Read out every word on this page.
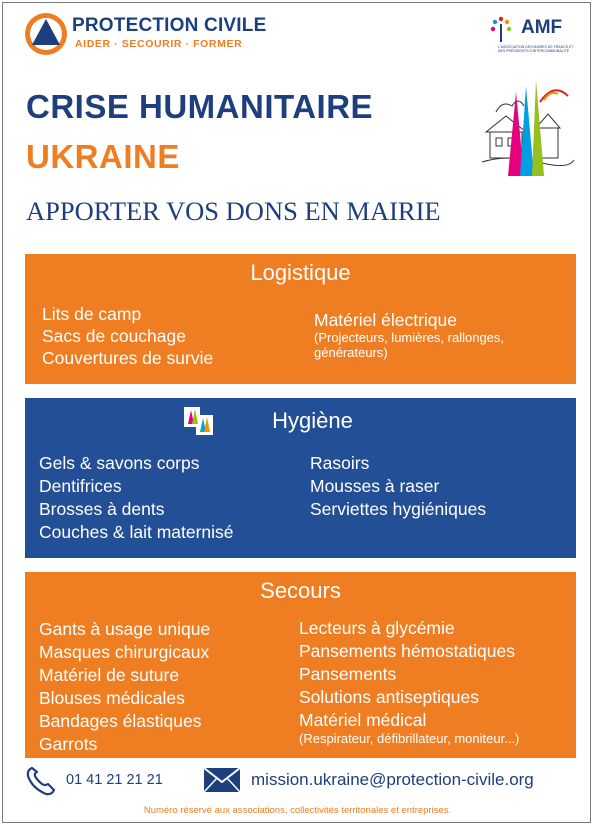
PROTECTION CIVILE
AIDER · SECOURIR · FORMER
AMF
L'ASSOCIATION DES MAIRES DE FRANCE ET DES PRÉSIDENTS D'INTERCOMMUNALITÉ
CRISE HUMANITAIRE
UKRAINE
APPORTER VOS DONS EN MAIRIE
Logistique
Lits de camp
Sacs de couchage
Couvertures de survie
Matériel électrique
(Projecteurs, lumières, rallonges, générateurs)
Hygiène
Gels & savons corps
Dentifrices
Brosses à dents
Couches & lait maternisé
Rasoirs
Mousses à raser
Serviettes hygiéniques
Secours
Gants à usage unique
Masques chirurgicaux
Matériel de suture
Blouses médicales
Bandages élastiques
Garrots
Lecteurs à glycémie
Pansements hémostatiques
Pansements
Solutions antiseptiques
Matériel médical
(Respirateur, défibrillateur, moniteur...)
01 41 21 21 21	mission.ukraine@protection-civile.org
Numéro réservé aux associations, collectivités territoriales et entreprises.
